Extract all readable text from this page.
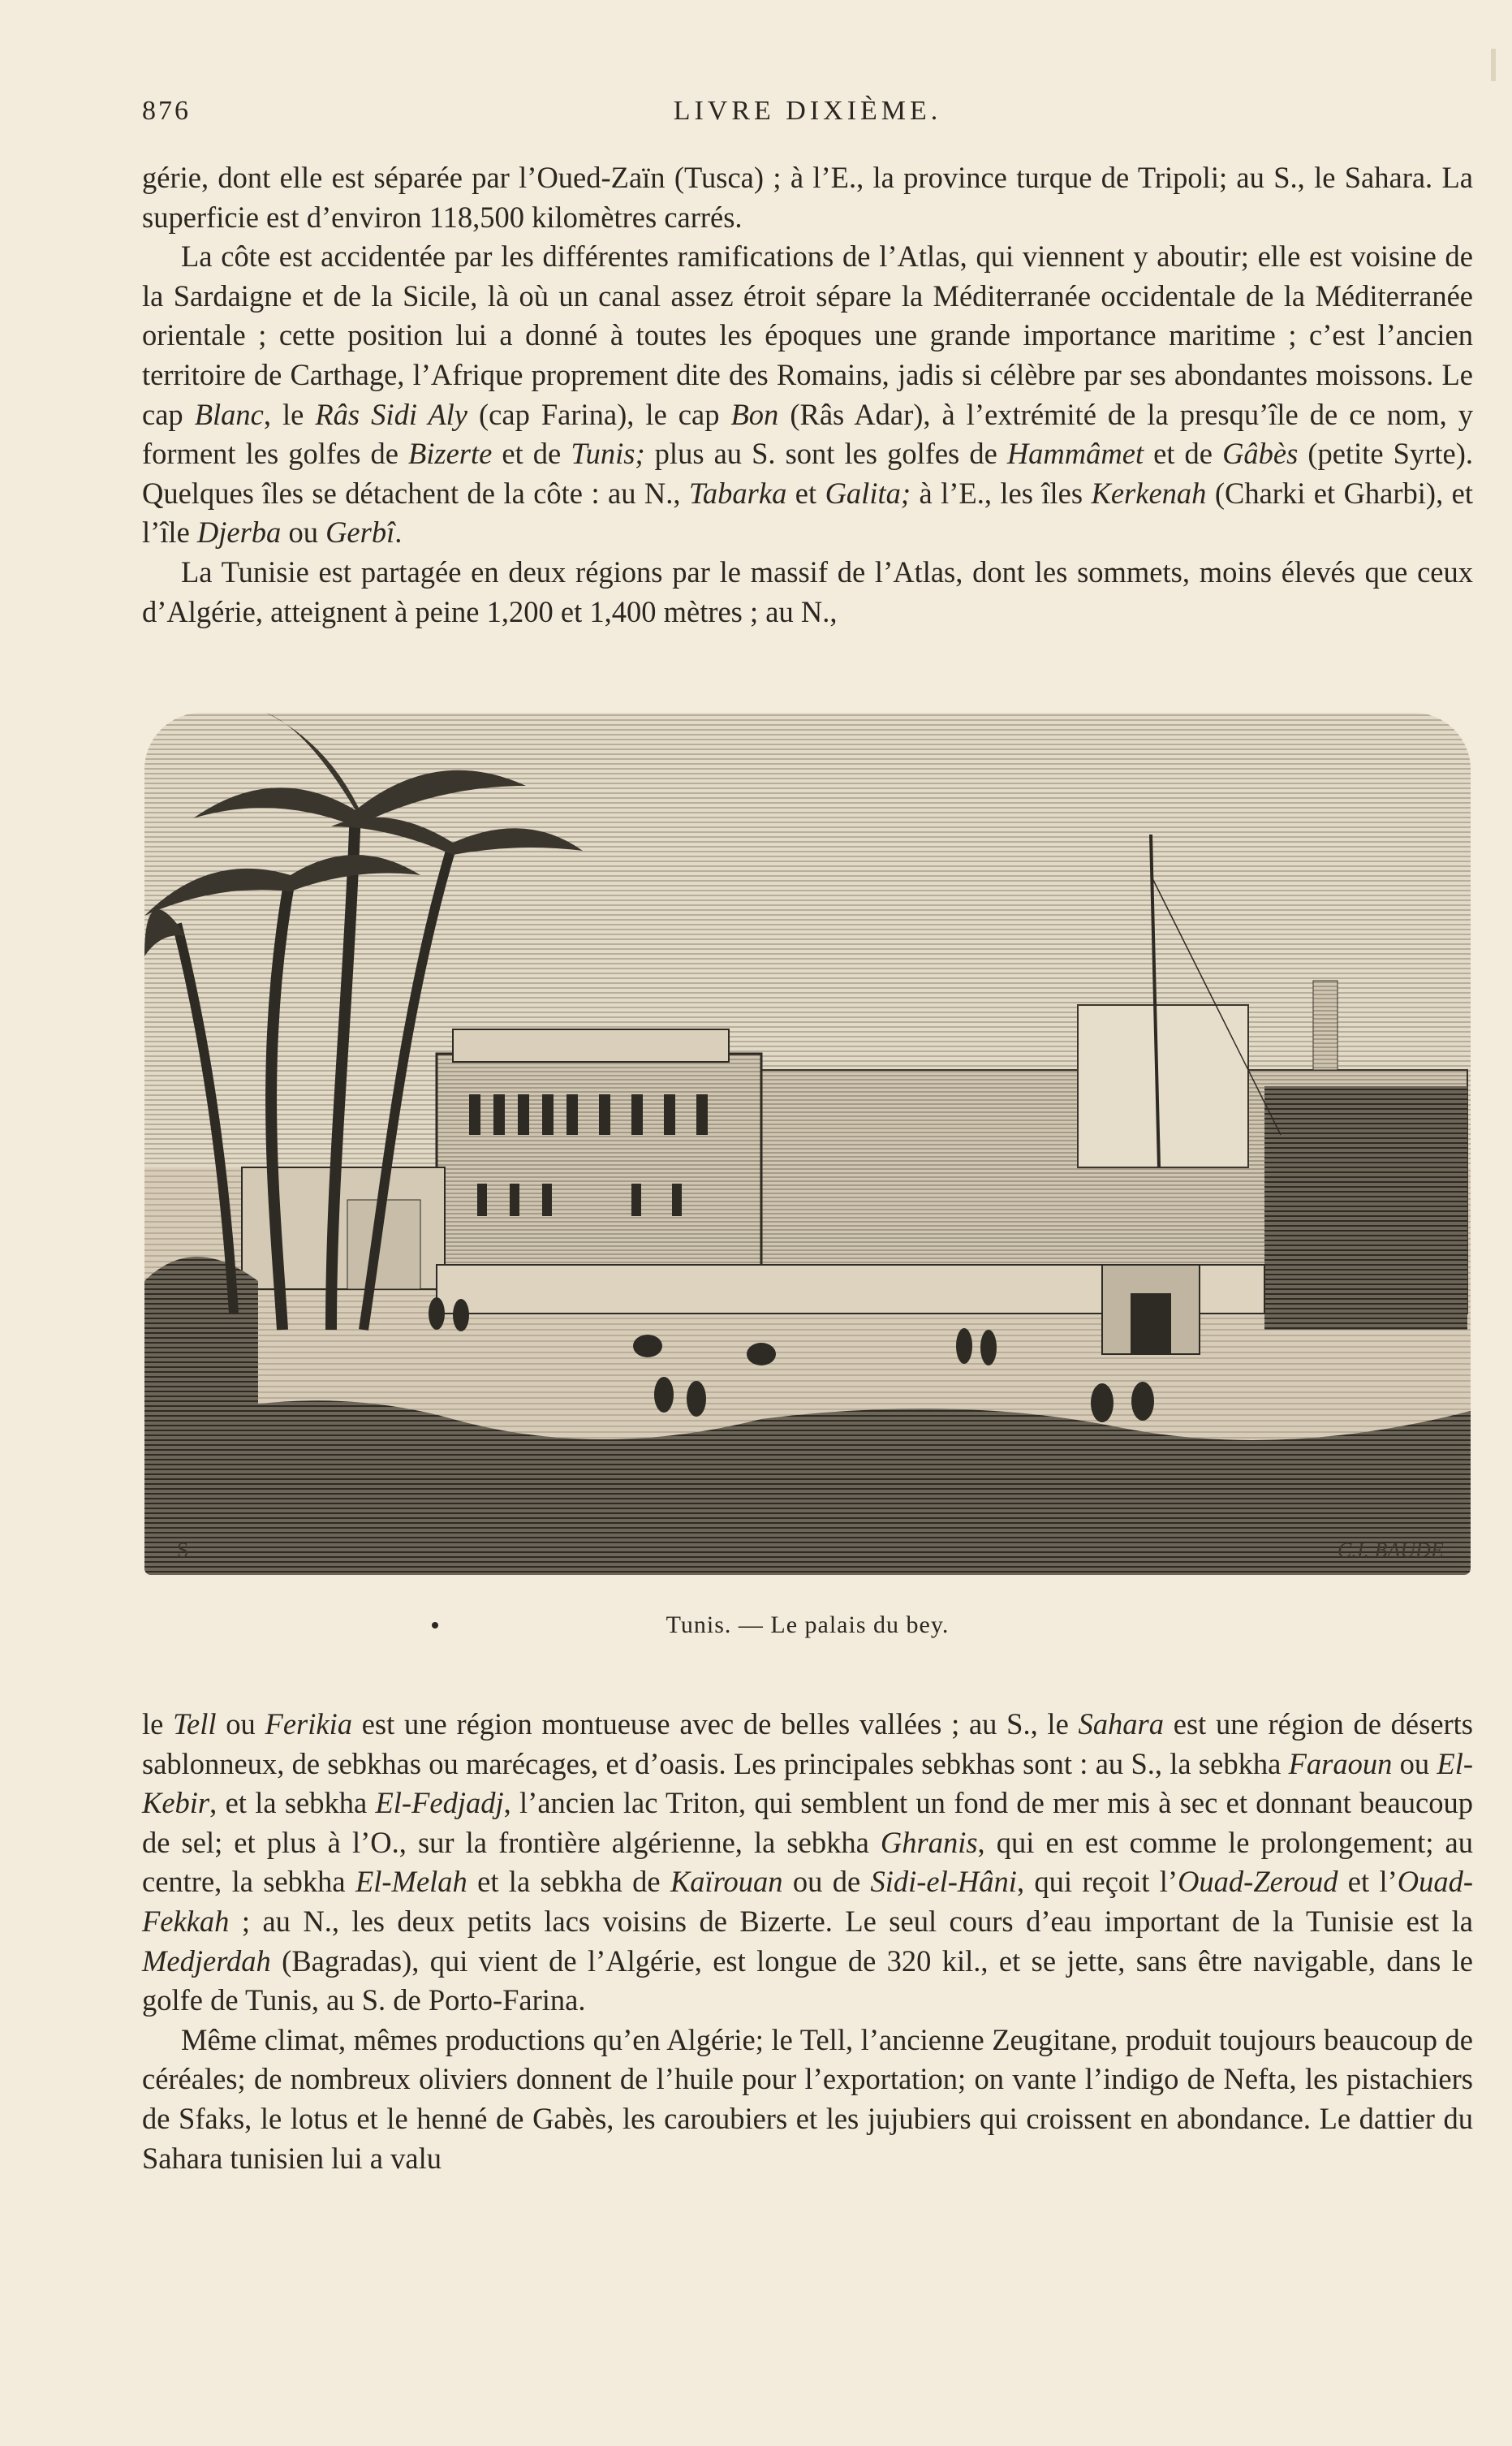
876	LIVRE DIXIÈME.

gérie, dont elle est séparée par l’Oued-Zaïn (Tusca) ; à l’E., la province turque de Tripoli; au S., le Sahara. La superficie est d’environ 118,500 kilomètres carrés.

La côte est accidentée par les différentes ramifications de l’Atlas, qui viennent y aboutir; elle est voisine de la Sardaigne et de la Sicile, là où un canal assez étroit sépare la Méditerranée occidentale de la Méditerranée orientale ; cette position lui a donné à toutes les époques une grande importance maritime ; c’est l’ancien territoire de Carthage, l’Afrique proprement dite des Romains, jadis si célèbre par ses abondantes moissons. Le cap Blanc, le Râs Sidi Aly (cap Farina), le cap Bon (Râs Adar), à l’extrémité de la presqu’île de ce nom, y forment les golfes de Bizerte et de Tunis; plus au S. sont les golfes de Hammâmet et de Gâbès (petite Syrte). Quelques îles se détachent de la côte : au N., Tabarka et Galita; à l’E., les îles Kerkenah (Charki et Gharbi), et l’île Djerba ou Gerbî.

La Tunisie est partagée en deux régions par le massif de l’Atlas, dont les sommets, moins élevés que ceux d’Algérie, atteignent à peine 1,200 et 1,400 mètres ; au N.,

S	C.I. BAUDE
Tunis. — Le palais du bey.

le Tell ou Ferikia est une région montueuse avec de belles vallées ; au S., le Sahara est une région de déserts sablonneux, de sebkhas ou marécages, et d’oasis. Les principales sebkhas sont : au S., la sebkha Faraoun ou El-Kebir, et la sebkha El-Fedjadj, l’ancien lac Triton, qui semblent un fond de mer mis à sec et donnant beaucoup de sel; et plus à l’O., sur la frontière algérienne, la sebkha Ghranis, qui en est comme le prolongement; au centre, la sebkha El-Melah et la sebkha de Kaïrouan ou de Sidi-el-Hâni, qui reçoit l’Ouad-Zeroud et l’Ouad-Fekkah ; au N., les deux petits lacs voisins de Bizerte. Le seul cours d’eau important de la Tunisie est la Medjerdah (Bagradas), qui vient de l’Algérie, est longue de 320 kil., et se jette, sans être navigable, dans le golfe de Tunis, au S. de Porto-Farina.

Même climat, mêmes productions qu’en Algérie; le Tell, l’ancienne Zeugitane, produit toujours beaucoup de céréales; de nombreux oliviers donnent de l’huile pour l’exportation; on vante l’indigo de Nefta, les pistachiers de Sfaks, le lotus et le henné de Gabès, les caroubiers et les jujubiers qui croissent en abondance. Le dattier du Sahara tunisien lui a valu
